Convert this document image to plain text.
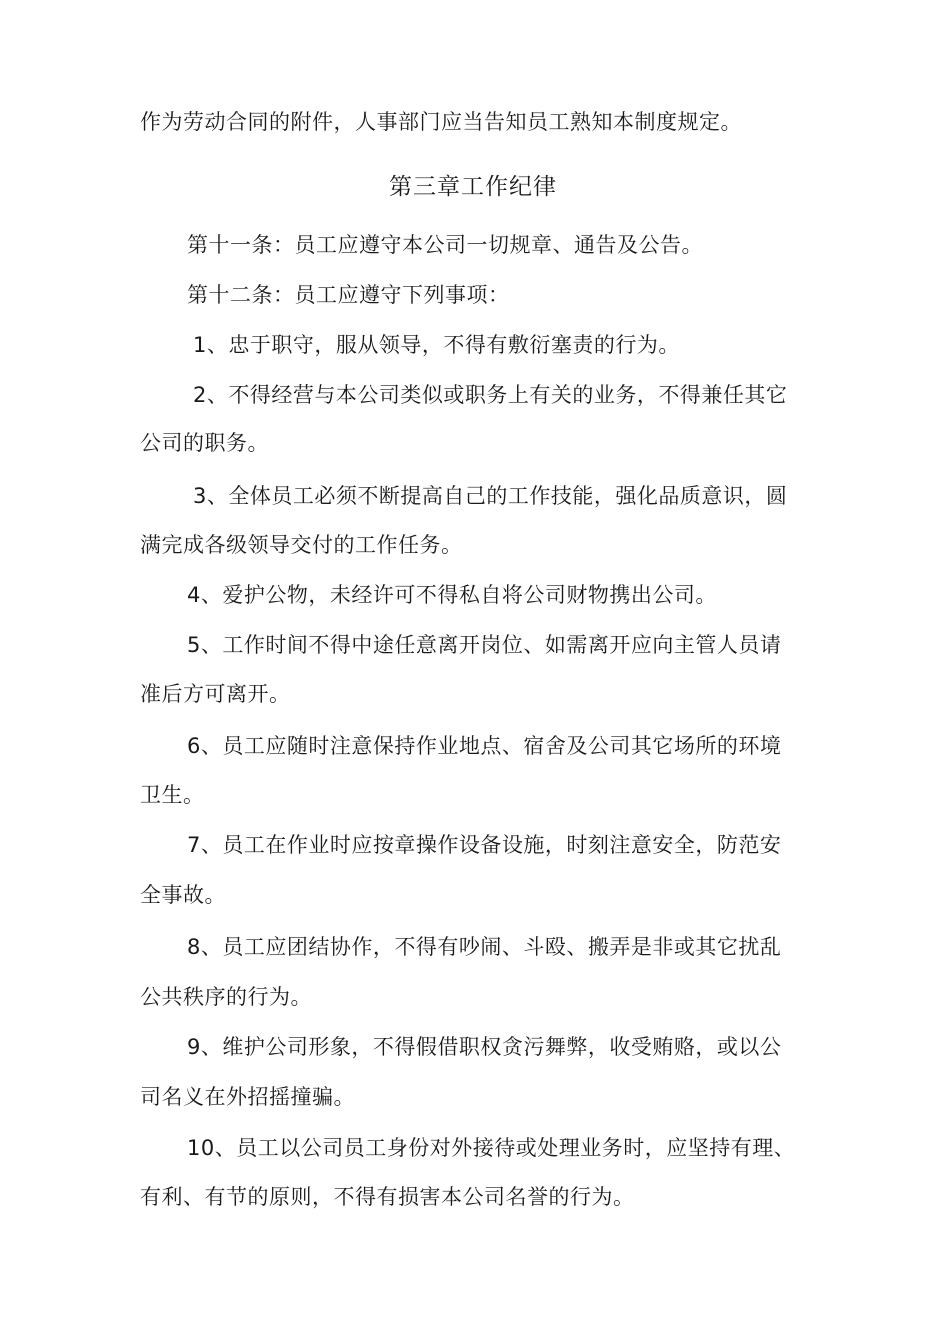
作为劳动合同的附件，人事部门应当告知员工熟知本制度规定。
第三章工作纪律
第十一条：员工应遵守本公司一切规章、通告及公告。
第十二条：员工应遵守下列事项：
1、忠于职守，服从领导，不得有敷衍塞责的行为。
2、不得经营与本公司类似或职务上有关的业务，不得兼任其它
公司的职务。
3、全体员工必须不断提高自己的工作技能，强化品质意识，圆
满完成各级领导交付的工作任务。
4、爱护公物，未经许可不得私自将公司财物携出公司。
5、工作时间不得中途任意离开岗位、如需离开应向主管人员请
准后方可离开。
6、员工应随时注意保持作业地点、宿舍及公司其它场所的环境
卫生。
7、员工在作业时应按章操作设备设施，时刻注意安全，防范安
全事故。
8、员工应团结协作，不得有吵闹、斗殴、搬弄是非或其它扰乱
公共秩序的行为。
9、维护公司形象，不得假借职权贪污舞弊，收受贿赂，或以公
司名义在外招摇撞骗。
10、员工以公司员工身份对外接待或处理业务时，应坚持有理、
有利、有节的原则，不得有损害本公司名誉的行为。
